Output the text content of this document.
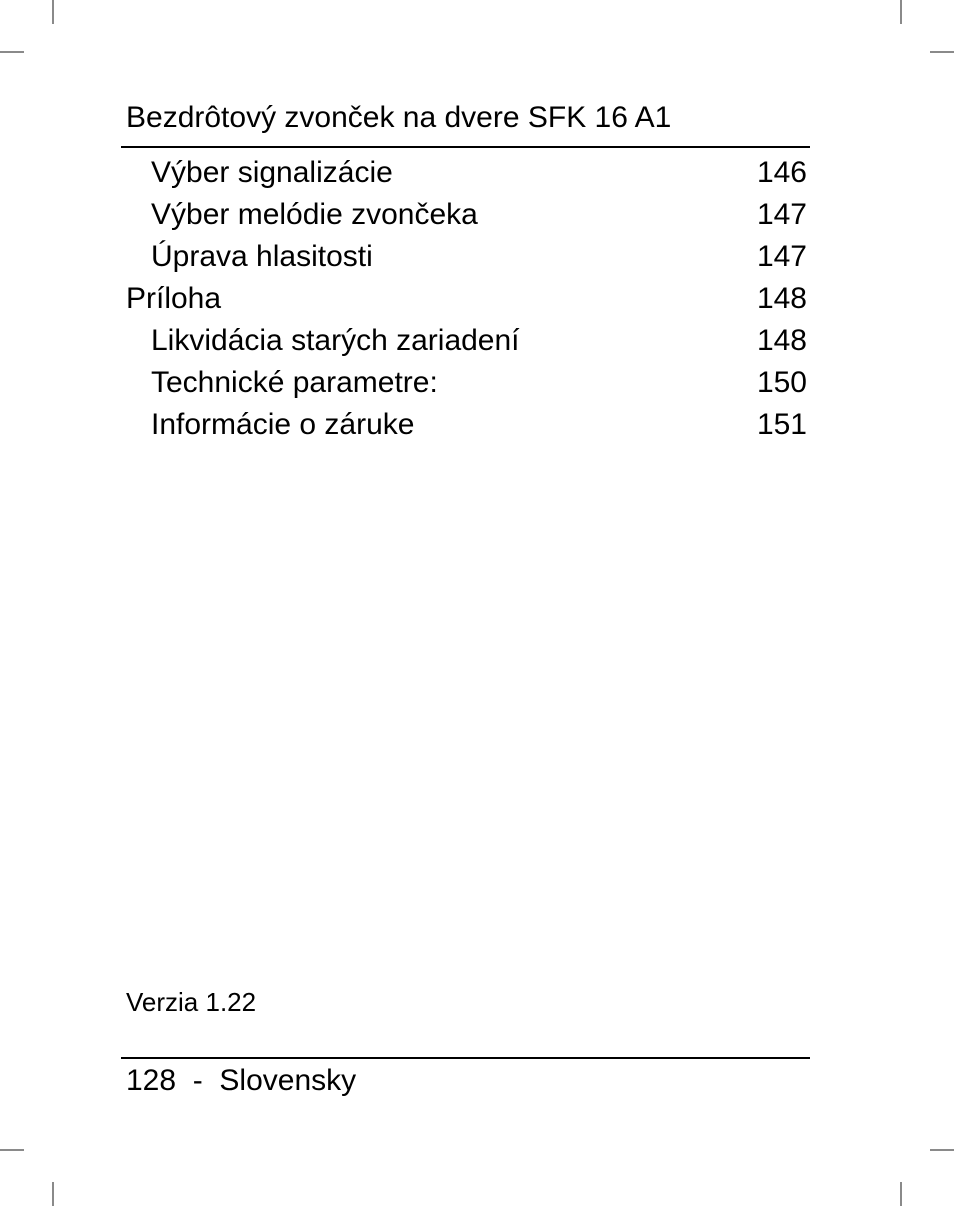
Bezdrôtový zvonček na dvere SFK 16 A1
Výber signalizácie	146
Výber melódie zvončeka	147
Úprava hlasitosti	147
Príloha	148
Likvidácia starých zariadení	148
Technické parametre:	150
Informácie o záruke	151
Verzia 1.22
128 - Slovensky
